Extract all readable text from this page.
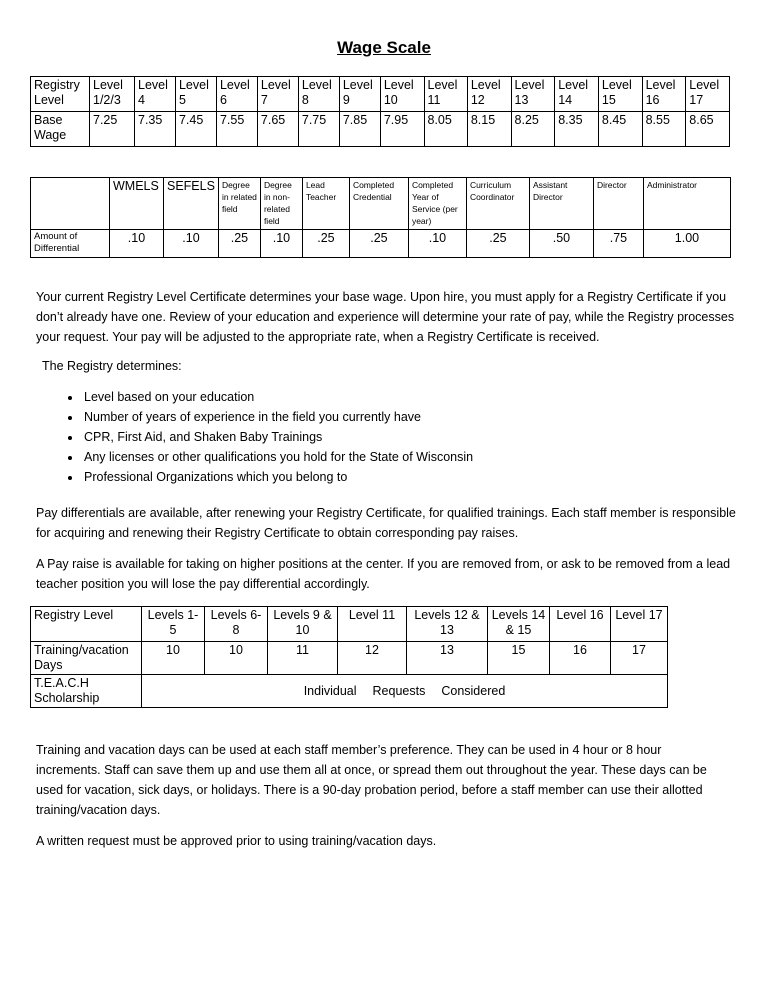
Wage Scale
Registry Level	Level 1/2/3	Level 4	Level 5	Level 6	Level 7	Level 8	Level 9	Level 10	Level 11	Level 12	Level 13	Level 14	Level 15	Level 16	Level 17
Base Wage	7.25	7.35	7.45	7.55	7.65	7.75	7.85	7.95	8.05	8.15	8.25	8.35	8.45	8.55	8.65
	WMELS	SEFELS	Degree in related field	Degree in non-related field	Lead Teacher	Completed Credential	Completed Year of Service (per year)	Curriculum Coordinator	Assistant Director	Director	Administrator
Amount of Differential	.10	.10	.25	.10	.25	.25	.10	.25	.50	.75	1.00
Your current Registry Level Certificate determines your base wage. Upon hire, you must apply for a Registry Certificate if you don’t already have one. Review of your education and experience will determine your rate of pay, while the Registry processes your request. Your pay will be adjusted to the appropriate rate, when a Registry Certificate is received.
The Registry determines:
• Level based on your education
• Number of years of experience in the field you currently have
• CPR, First Aid, and Shaken Baby Trainings
• Any licenses or other qualifications you hold for the State of Wisconsin
• Professional Organizations which you belong to
Pay differentials are available, after renewing your Registry Certificate, for qualified trainings. Each staff member is responsible for acquiring and renewing their Registry Certificate to obtain corresponding pay raises.
A Pay raise is available for taking on higher positions at the center. If you are removed from, or ask to be removed from a lead teacher position you will lose the pay differential accordingly.
Registry Level	Levels 1-5	Levels 6-8	Levels 9 & 10	Level 11	Levels 12 & 13	Levels 14 & 15	Level 16	Level 17
Training/vacation Days	10	10	11	12	13	15	16	17
T.E.A.C.H Scholarship	Individual Requests Considered							
Training and vacation days can be used at each staff member’s preference. They can be used in 4 hour or 8 hour increments. Staff can save them up and use them all at once, or spread them out throughout the year. These days can be used for vacation, sick days, or holidays. There is a 90-day probation period, before a staff member can use their allotted training/vacation days.
A written request must be approved prior to using training/vacation days.
